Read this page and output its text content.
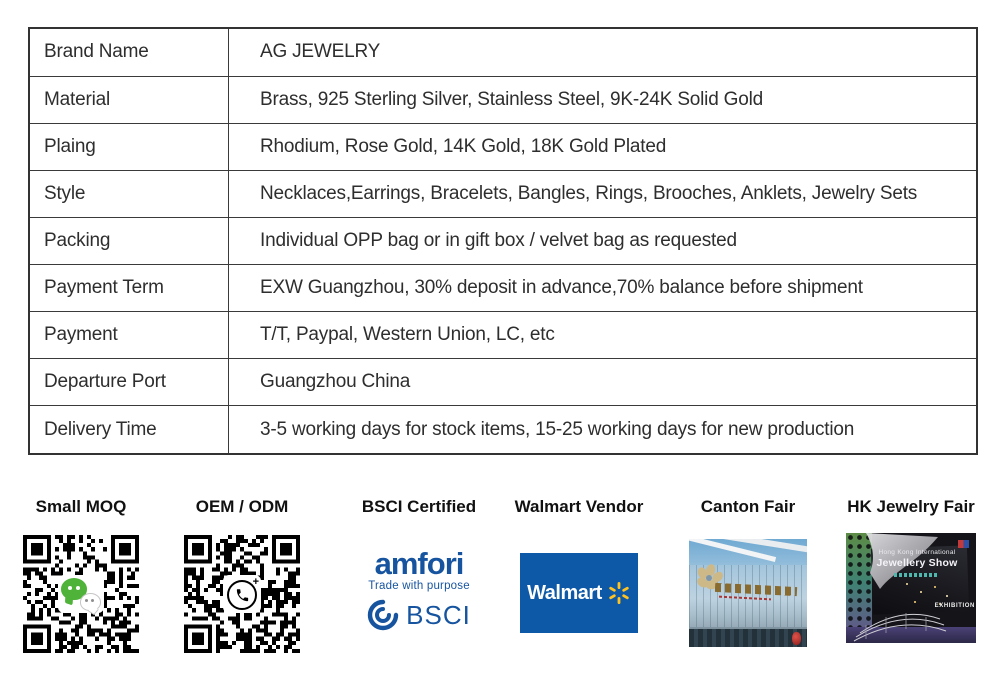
Brand Name	AG JEWELRY
Material	Brass, 925 Sterling Silver, Stainless Steel, 9K-24K Solid Gold
Plaing	Rhodium, Rose Gold, 14K Gold, 18K Gold Plated
Style	Necklaces,Earrings, Bracelets, Bangles, Rings, Brooches, Anklets, Jewelry Sets
Packing	Individual OPP bag or in gift box / velvet bag as requested
Payment Term	EXW Guangzhou, 30% deposit in advance,70% balance before shipment
Payment	T/T, Paypal, Western Union, LC, etc
Departure Port	Guangzhou China
Delivery Time	3-5 working days for stock items, 15-25 working days for new production
Small MOQ	OEM / ODM
+
BSCI Certified
amfori
Trade with purpose
BSCI
Walmart Vendor
Walmart
Canton Fair	HK Jewelry Fair
Hong Kong International
Jewellery Show
EXHIBITION
